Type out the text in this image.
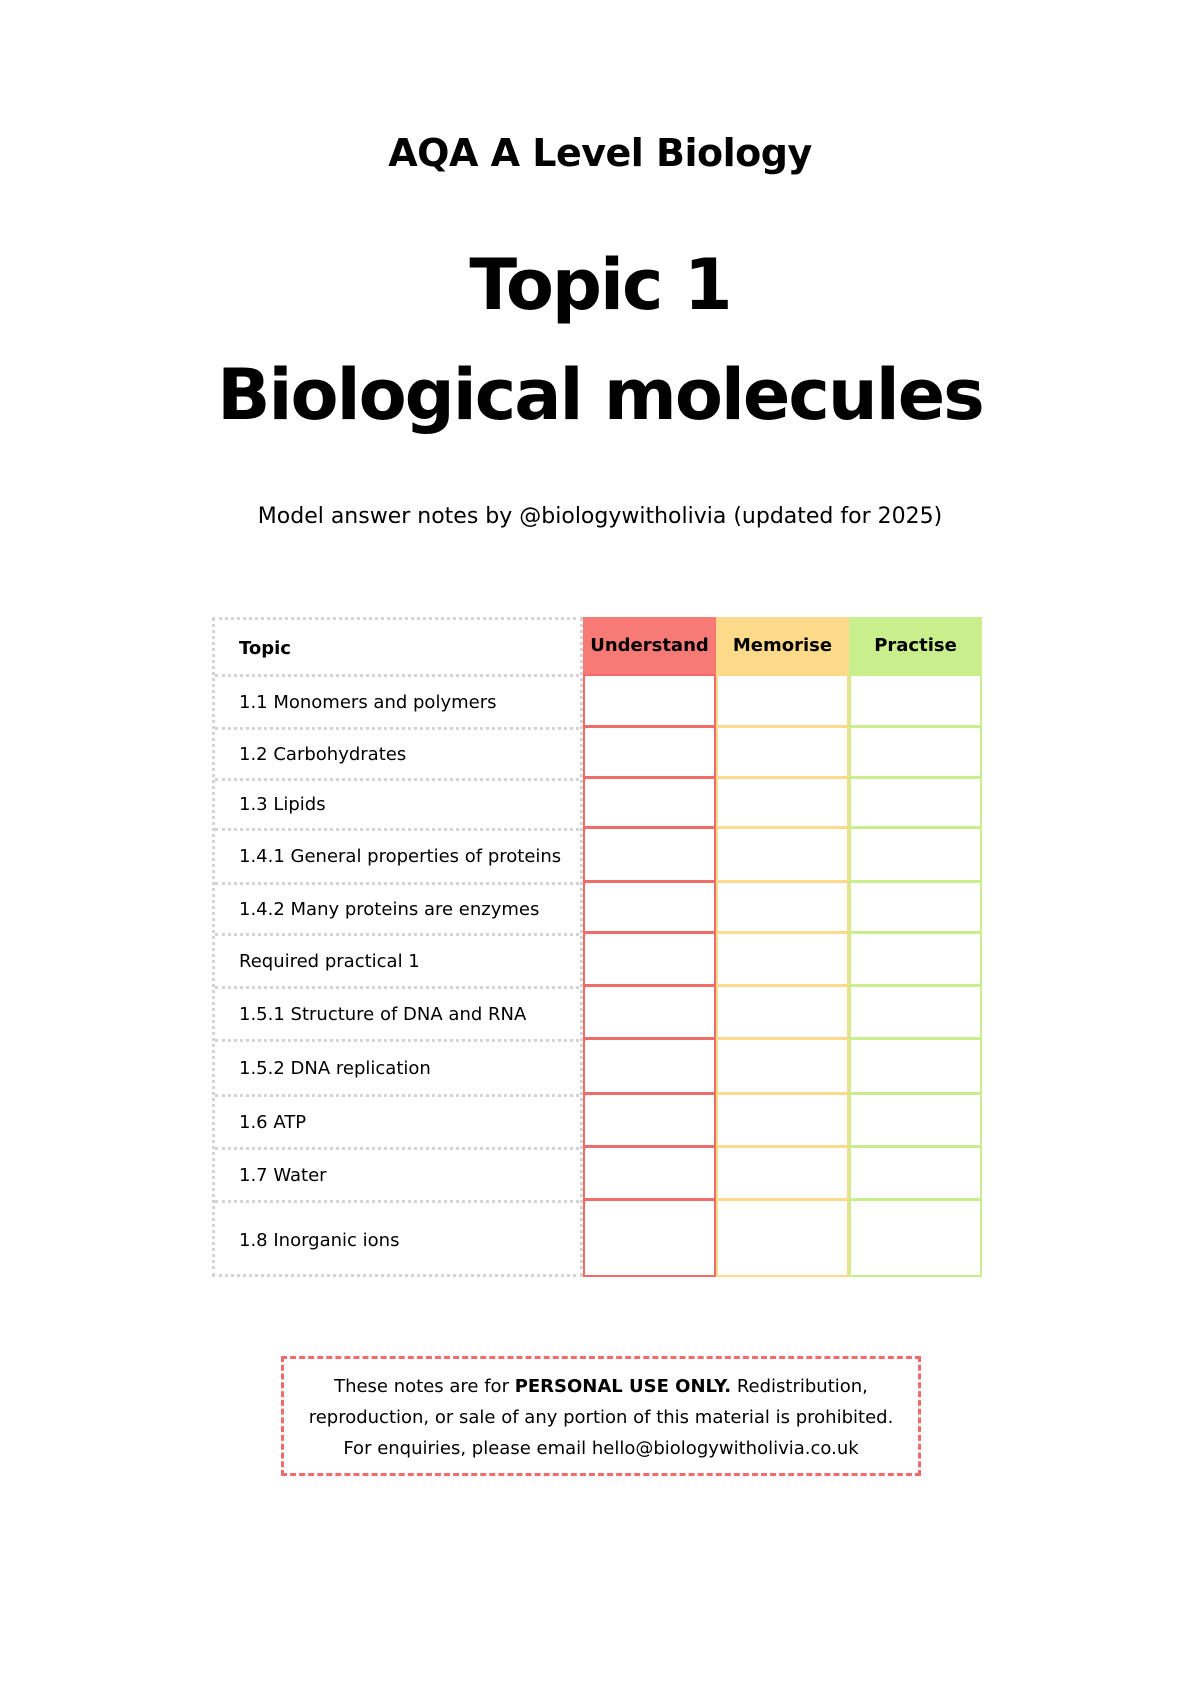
AQA A Level Biology
Topic 1
Biological molecules
Model answer notes by @biologywitholivia (updated for 2025)
Topic
1.1 Monomers and polymers
1.2 Carbohydrates
1.3 Lipids
1.4.1 General properties of proteins
1.4.2 Many proteins are enzymes
Required practical 1
1.5.1 Structure of DNA and RNA
1.5.2 DNA replication
1.6 ATP
1.7 Water
1.8 Inorganic ions
Understand	Memorise	Practise

These notes are for PERSONAL USE ONLY. Redistribution,

reproduction, or sale of any portion of this material is prohibited.

For enquiries, please email hello@biologywitholivia.co.uk
